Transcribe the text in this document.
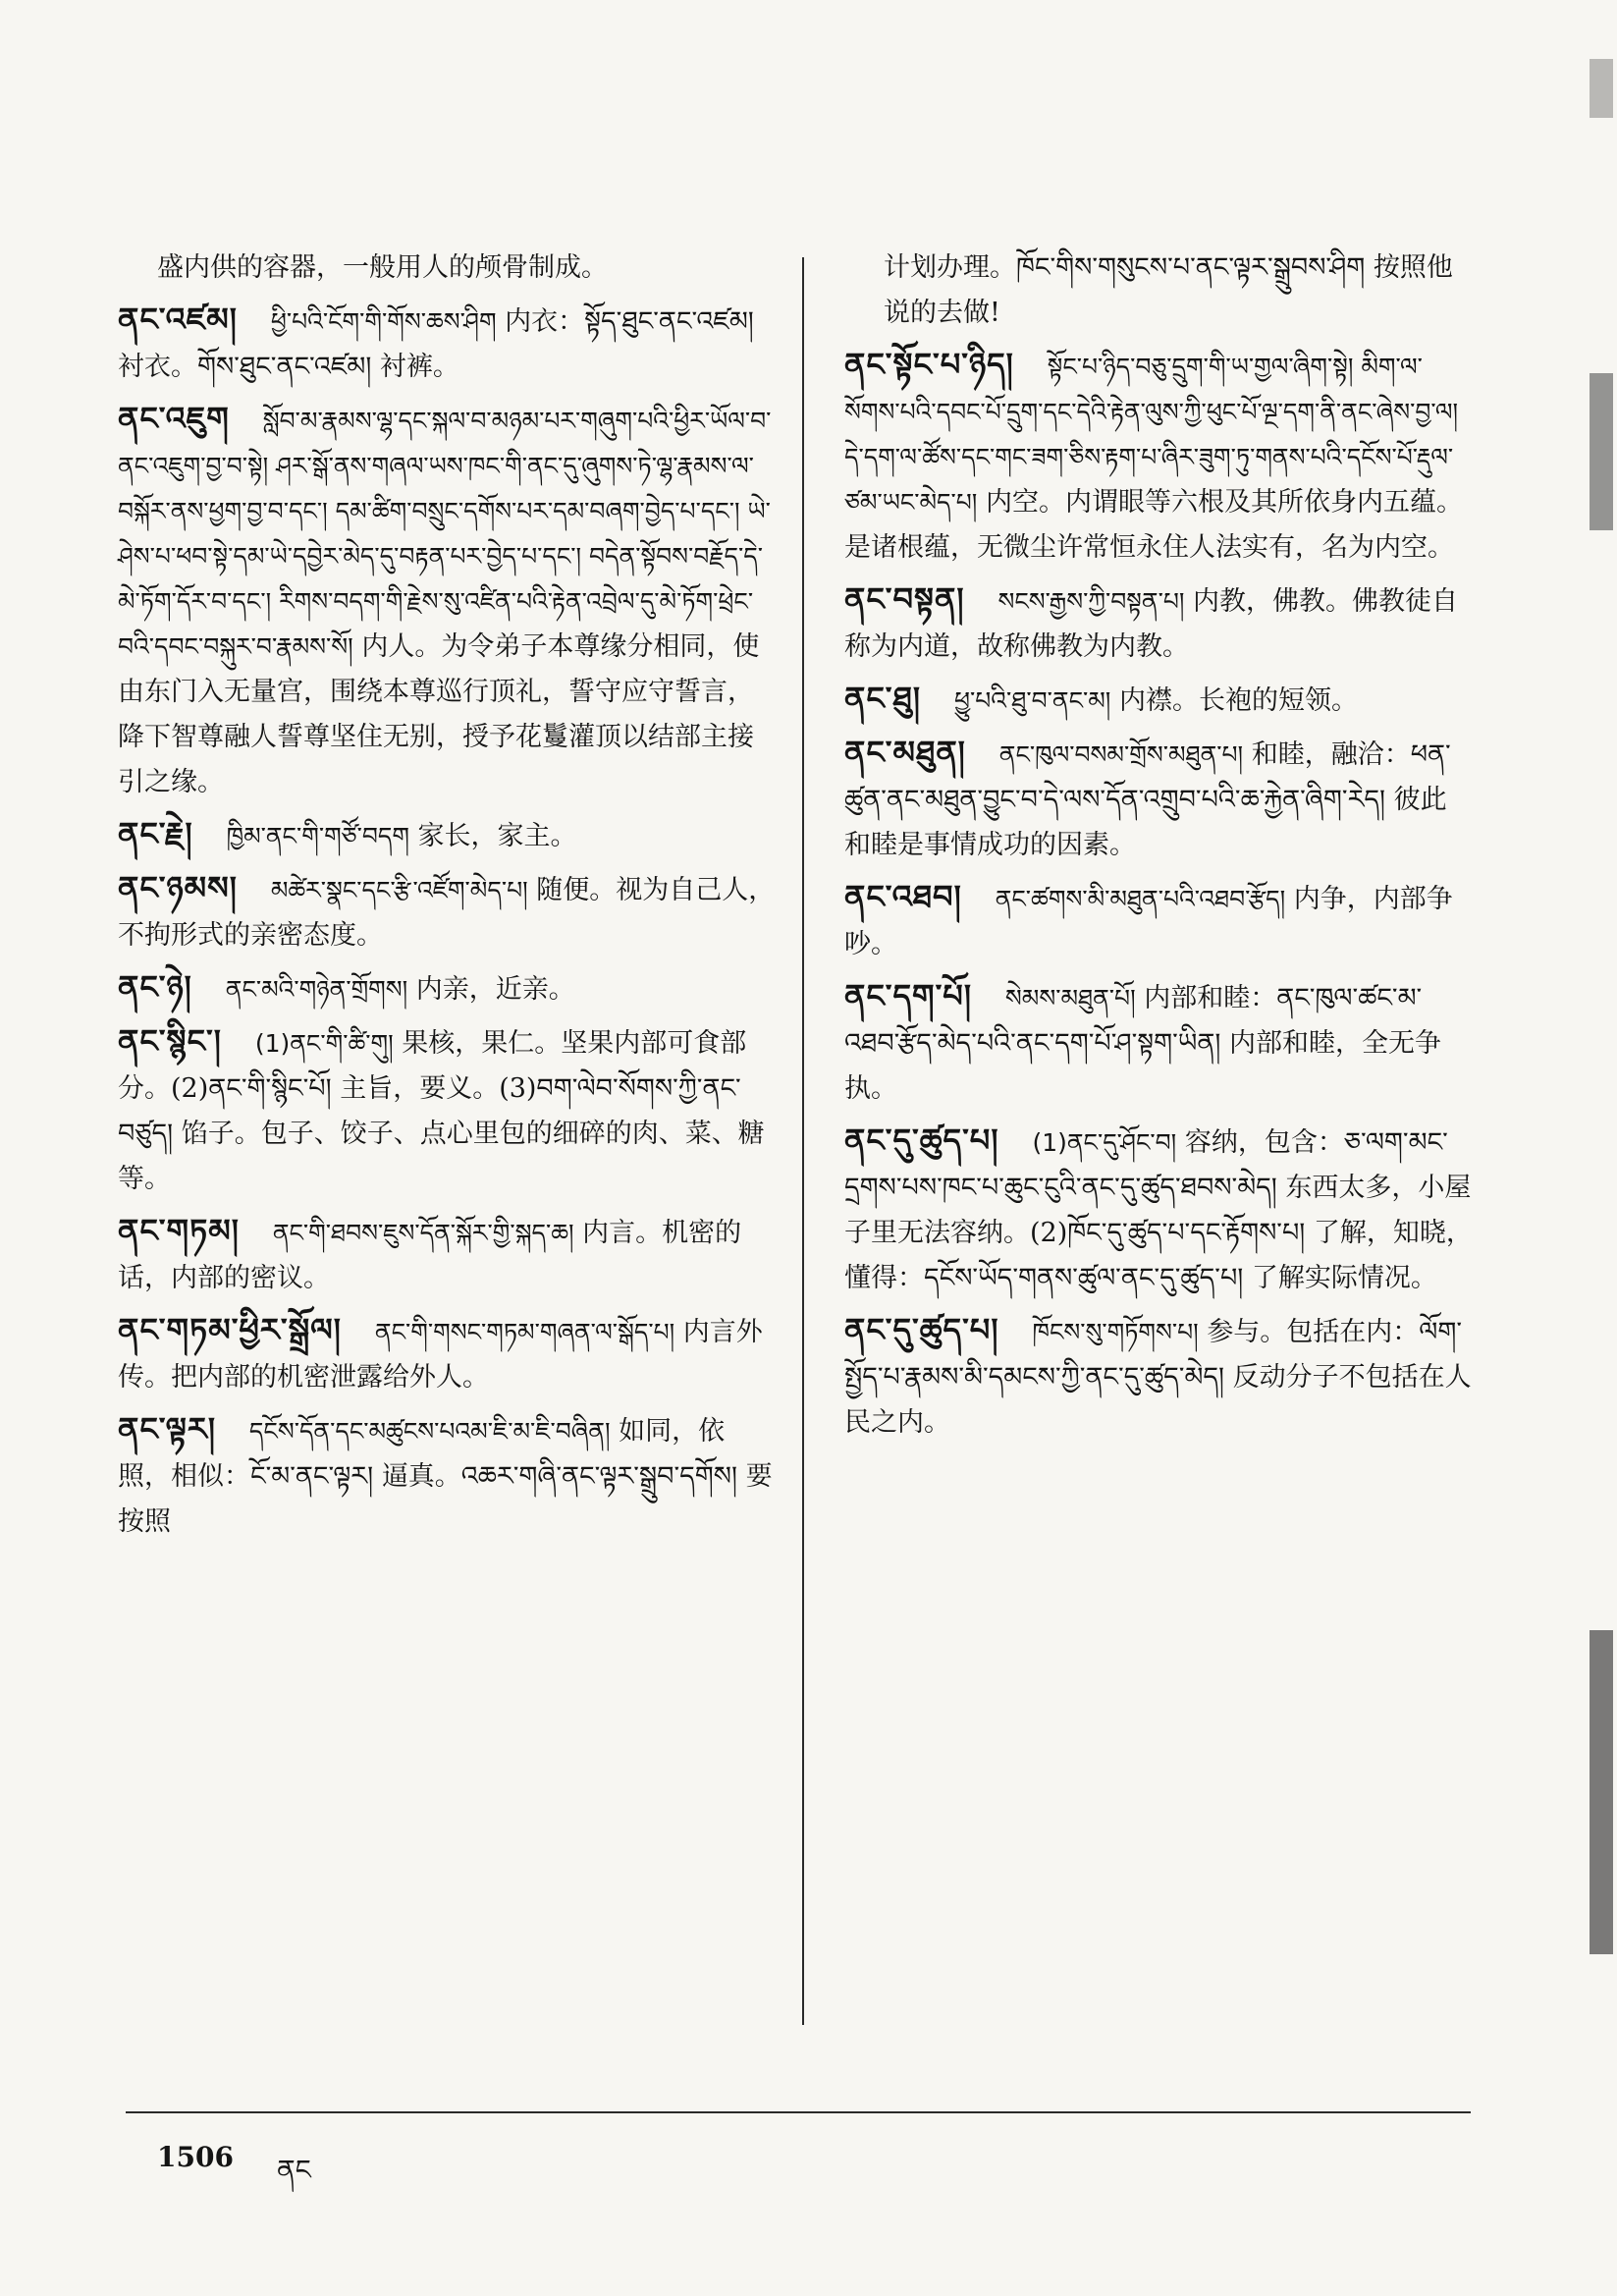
盛内供的容器，一般用人的颅骨制成。
ནང་འཛམ། ཕྱི་པའི་ངོག་གི་གོས་ཆས་ཤིག 内衣：སྟོད་ཐུང་ནང་འཛམ། 衬衣。གོས་ཐུང་ནང་འཛམ། 衬裤。
ནང་འཇུག སློབ་མ་རྣམས་ལྷ་དང་སྐལ་བ་མཉམ་པར་གཞུག་པའི་ཕྱིར་ཡོལ་བ་ནང་འཇུག་བྱ་བ་སྟེ། ཤར་སྒོ་ནས་གཞལ་ཡས་ཁང་གི་ནང་དུ་ཞུགས་ཏེ་ལྷ་རྣམས་ལ་བསྐོར་ནས་ཕྱག་བྱ་བ་དང་། དམ་ཚིག་བསྲུང་དགོས་པར་དམ་བཞག་བྱེད་པ་དང་། ཡེ་ཤེས་པ་ཕབ་སྟེ་དམ་ཡེ་དབྱེར་མེད་དུ་བརྟན་པར་བྱེད་པ་དང་། བདེན་སྟོབས་བརྗོད་དེ་མེ་ཏོག་དོར་བ་དང་། རིགས་བདག་གི་རྗེས་སུ་འཛིན་པའི་རྟེན་འབྲེལ་དུ་མེ་ཏོག་ཕྲེང་བའི་དབང་བསྐུར་བ་རྣམས་སོ། 内人。为令弟子本尊缘分相同，使由东门入无量宫，围绕本尊巡行顶礼，誓守应守誓言，降下智尊融人誓尊坚住无别，授予花鬘灌顶以结部主接引之缘。
ནང་རྗེ། ཁྱིམ་ནང་གི་གཙོ་བདག 家长，家主。
ནང་ཉམས། མཚེར་སྣང་དང་རྩི་འཛོག་མེད་པ། 随便。视为自己人，不拘形式的亲密态度。
ནང་ཉེ། ནང་མའི་གཉེན་གྲོགས། 内亲，近亲。
ནང་སྙིང་། (1)ནང་གི་ཚི་གུ། 果核，果仁。坚果内部可食部分。(2)ནང་གི་སྙིང་པོ། 主旨，要义。(3)བག་ལེབ་སོགས་ཀྱི་ནང་བཙུད། 馅子。包子、饺子、点心里包的细碎的肉、菜、糖等。
ནང་གཏམ། ནང་གི་ཐབས་ཇུས་དོན་སྐོར་གྱི་སྐད་ཆ། 内言。机密的话，内部的密议。
ནང་གཏམ་ཕྱིར་སྒྲོལ། ནང་གི་གསང་གཏམ་གཞན་ལ་སྒོད་པ། 内言外传。把内部的机密泄露给外人。
ནང་ལྟར། དངོས་དོན་དང་མཚུངས་པའམ་ཇི་མ་ཇི་བཞིན། 如同，依照，相似：ངོ་མ་ནང་ལྟར། 逼真。འཆར་གཞི་ནང་ལྟར་སྒྲུབ་དགོས། 要按照
计划办理。ཁོང་གིས་གསུངས་པ་ནང་ལྟར་སྒྲུབས་ཤིག 按照他说的去做!
ནང་སྟོང་པ་ཉིད། སྟོང་པ་ཉིད་བཅུ་དྲུག་གི་ཡ་གྱལ་ཞིག་སྟེ། མིག་ལ་སོགས་པའི་དབང་པོ་དྲུག་དང་དེའི་རྟེན་ལུས་ཀྱི་ཕུང་པོ་ལྔ་དག་ནི་ནང་ཞེས་བྱ་ལ། དེ་དག་ལ་ཚོས་དང་གང་ཟག་ཅིས་རྟག་པ་ཞིར་ཟུག་ཏུ་གནས་པའི་དངོས་པོ་རྡུལ་ཙམ་ཡང་མེད་པ། 内空。内谓眼等六根及其所依身内五蕴。是诸根蕴，无微尘许常恒永住人法实有，名为内空。
ནང་བསྟན། སངས་རྒྱས་ཀྱི་བསྟན་པ། 内教，佛教。佛教徒自称为内道，故称佛教为内教。
ནང་ཐུ། ཕྱུ་པའི་ཐུ་བ་ནང་མ། 内襟。长袍的短领。
ནང་མཐུན། ནང་ཁུལ་བསམ་གྲོས་མཐུན་པ། 和睦，融洽：ཕན་ཚུན་ནང་མཐུན་བྱུང་བ་དེ་ལས་དོན་འགྲུབ་པའི་ཆ་རྐྱེན་ཞིག་རེད། 彼此和睦是事情成功的因素。
ནང་འཐབ། ནང་ཚགས་མི་མཐུན་པའི་འཐབ་རྩོད། 内争，内部争吵。
ནང་དག་པོ། སེམས་མཐུན་པོ། 内部和睦：ནང་ཁུལ་ཚང་མ་འཐབ་རྩོད་མེད་པའི་ནང་དག་པོ་ཤ་སྟག་ཡིན། 内部和睦，全无争执。
ནང་དུ་ཚུད་པ། (1)ནང་དུ་ཤོང་བ། 容纳，包含：ཅ་ལག་མང་དྲགས་པས་ཁང་པ་ཆུང་ངུའི་ནང་དུ་ཚུད་ཐབས་མེད། 东西太多，小屋子里无法容纳。(2)ཁོང་དུ་ཚུད་པ་དང་རྟོགས་པ། 了解，知晓，懂得：དངོས་ཡོད་གནས་ཚུལ་ནང་དུ་ཚུད་པ། 了解实际情况。
ནང་དུ་ཚུད་པ། ཁོངས་སུ་གཏོགས་པ། 参与。包括在内：ལོག་སྤྱོད་པ་རྣམས་མི་དམངས་ཀྱི་ནང་དུ་ཚུད་མེད། 反动分子不包括在人民之内。
1506 ནང
